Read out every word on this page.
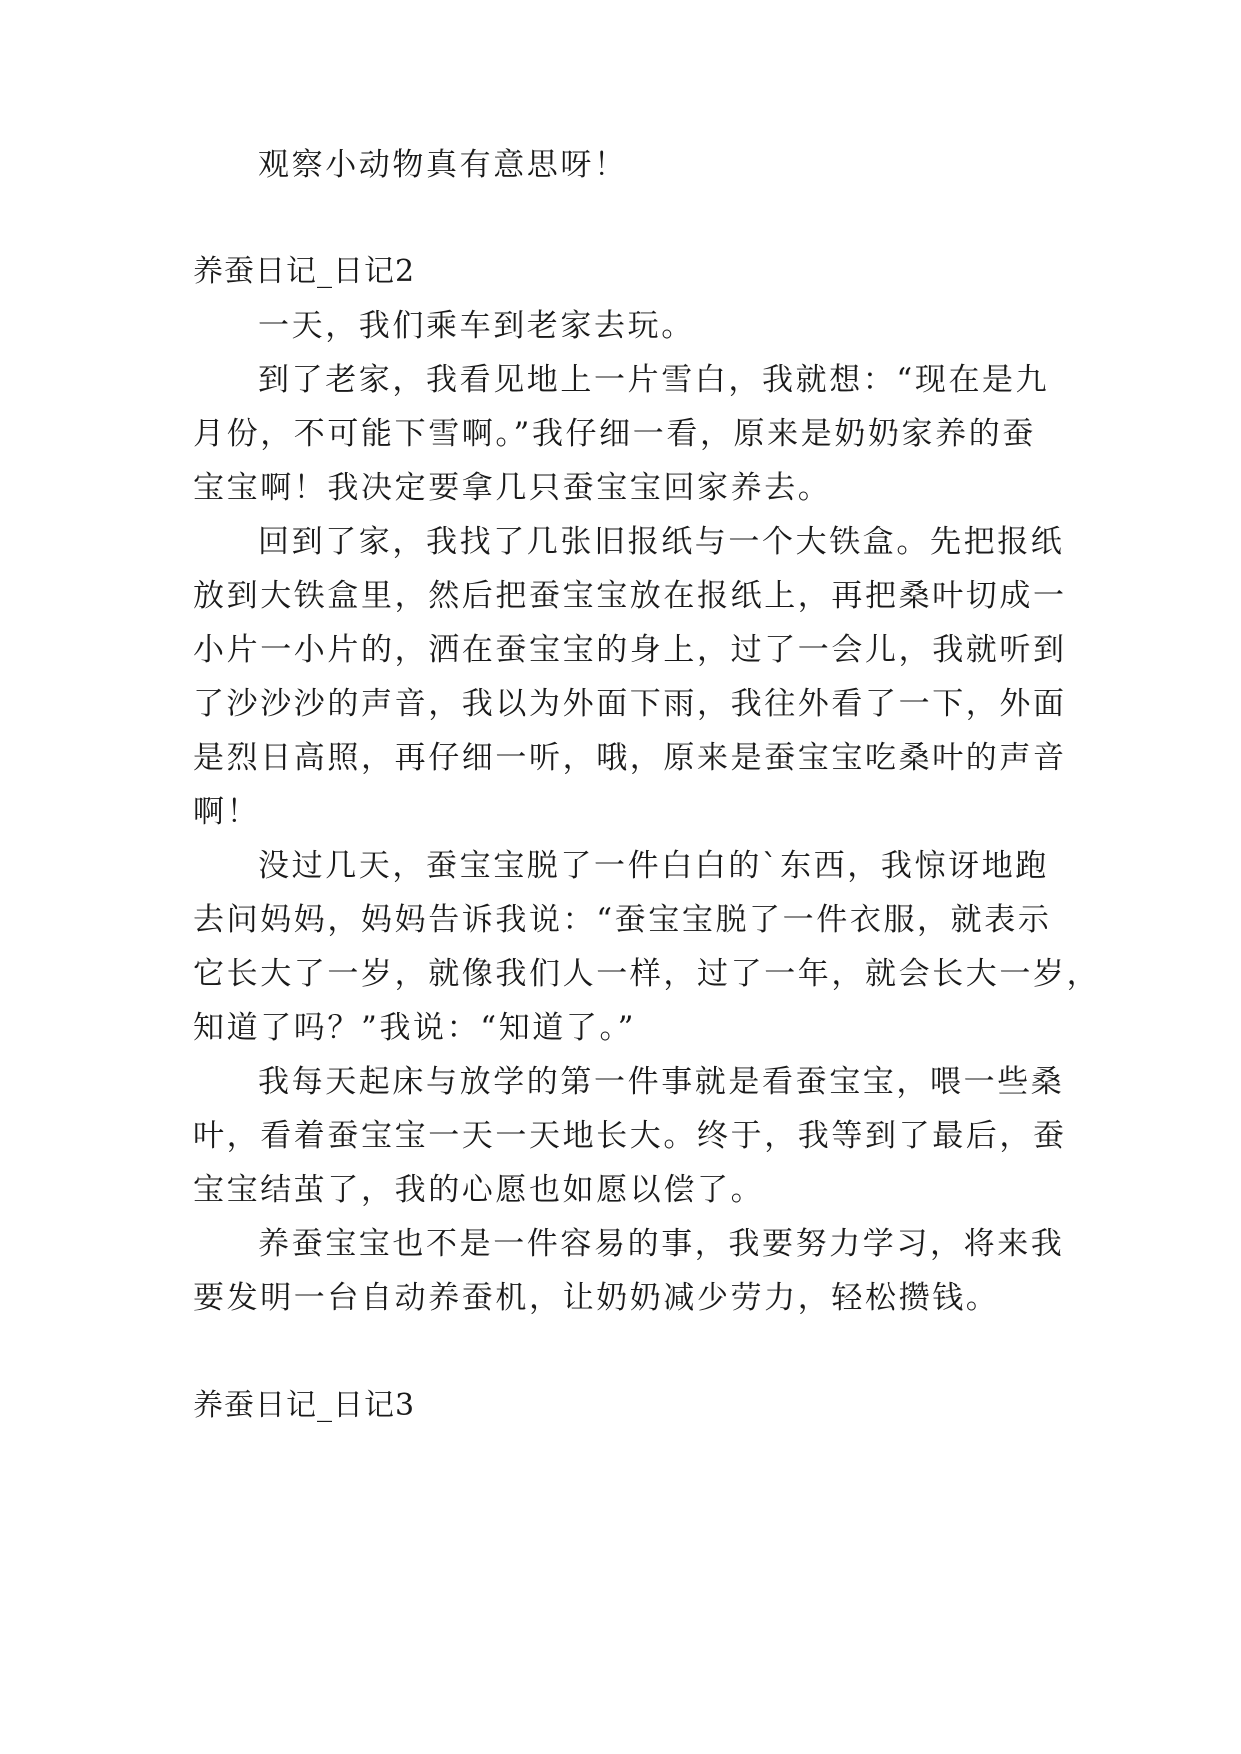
观察小动物真有意思呀！
养蚕日记_日记2
一天，我们乘车到老家去玩。
到了老家，我看见地上一片雪白，我就想：“现在是九
月份，不可能下雪啊。”我仔细一看，原来是奶奶家养的蚕
宝宝啊！我决定要拿几只蚕宝宝回家养去。
回到了家，我找了几张旧报纸与一个大铁盒。先把报纸
放到大铁盒里，然后把蚕宝宝放在报纸上，再把桑叶切成一
小片一小片的，洒在蚕宝宝的身上，过了一会儿，我就听到
了沙沙沙的声音，我以为外面下雨，我往外看了一下，外面
是烈日高照，再仔细一听，哦，原来是蚕宝宝吃桑叶的声音
啊！
没过几天，蚕宝宝脱了一件白白的`东西，我惊讶地跑
去问妈妈，妈妈告诉我说：“蚕宝宝脱了一件衣服，就表示
它长大了一岁，就像我们人一样，过了一年，就会长大一岁，
知道了吗？”我说：“知道了。”
我每天起床与放学的第一件事就是看蚕宝宝，喂一些桑
叶，看着蚕宝宝一天一天地长大。终于，我等到了最后，蚕
宝宝结茧了，我的心愿也如愿以偿了。
养蚕宝宝也不是一件容易的事，我要努力学习，将来我
要发明一台自动养蚕机，让奶奶减少劳力，轻松攒钱。
养蚕日记_日记3
